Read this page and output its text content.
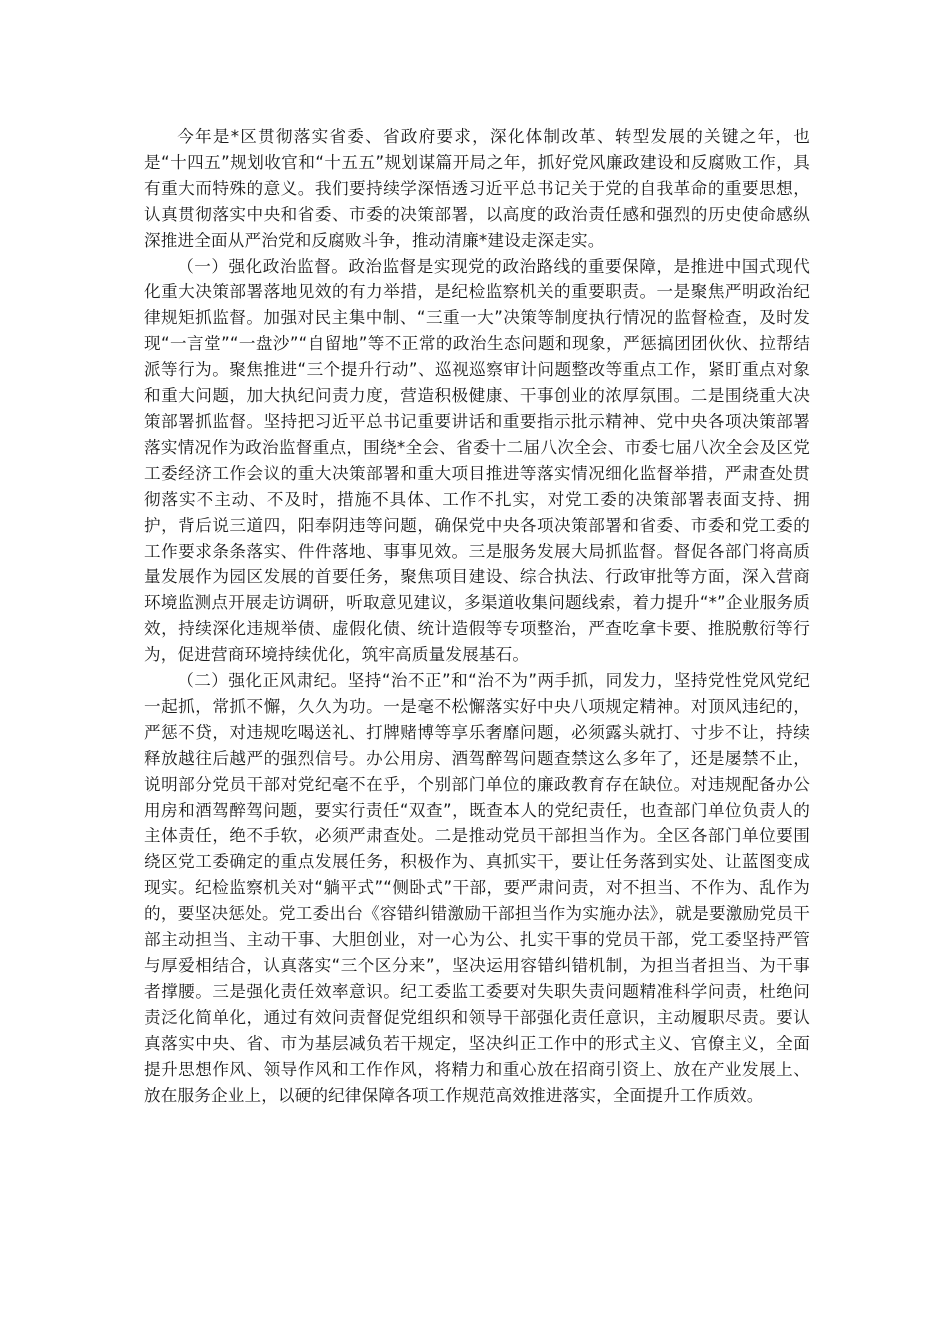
今年是*区贯彻落实省委、省政府要求，深化体制改革、转型发展的关键之年，也是“十四五”规划收官和“十五五”规划谋篇开局之年，抓好党风廉政建设和反腐败工作，具有重大而特殊的意义。我们要持续学深悟透习近平总书记关于党的自我革命的重要思想，认真贯彻落实中央和省委、市委的决策部署，以高度的政治责任感和强烈的历史使命感纵深推进全面从严治党和反腐败斗争，推动清廉*建设走深走实。

（一）强化政治监督。政治监督是实现党的政治路线的重要保障，是推进中国式现代化重大决策部署落地见效的有力举措，是纪检监察机关的重要职责。一是聚焦严明政治纪律规矩抓监督。加强对民主集中制、“三重一大”决策等制度执行情况的监督检查，及时发现“一言堂”“一盘沙”“自留地”等不正常的政治生态问题和现象，严惩搞团团伙伙、拉帮结派等行为。聚焦推进“三个提升行动”、巡视巡察审计问题整改等重点工作，紧盯重点对象和重大问题，加大执纪问责力度，营造积极健康、干事创业的浓厚氛围。二是围绕重大决策部署抓监督。坚持把习近平总书记重要讲话和重要指示批示精神、党中央各项决策部署落实情况作为政治监督重点，围绕*全会、省委十二届八次全会、市委七届八次全会及区党工委经济工作会议的重大决策部署和重大项目推进等落实情况细化监督举措，严肃查处贯彻落实不主动、不及时，措施不具体、工作不扎实，对党工委的决策部署表面支持、拥护，背后说三道四，阳奉阴违等问题，确保党中央各项决策部署和省委、市委和党工委的工作要求条条落实、件件落地、事事见效。三是服务发展大局抓监督。督促各部门将高质量发展作为园区发展的首要任务，聚焦项目建设、综合执法、行政审批等方面，深入营商环境监测点开展走访调研，听取意见建议，多渠道收集问题线索，着力提升“*”企业服务质效，持续深化违规举债、虚假化债、统计造假等专项整治，严查吃拿卡要、推脱敷衍等行为，促进营商环境持续优化，筑牢高质量发展基石。

（二）强化正风肃纪。坚持“治不正”和“治不为”两手抓，同发力，坚持党性党风党纪一起抓，常抓不懈，久久为功。一是毫不松懈落实好中央八项规定精神。对顶风违纪的，严惩不贷，对违规吃喝送礼、打牌赌博等享乐奢靡问题，必须露头就打、寸步不让，持续释放越往后越严的强烈信号。办公用房、酒驾醉驾问题查禁这么多年了，还是屡禁不止，说明部分党员干部对党纪毫不在乎，个别部门单位的廉政教育存在缺位。对违规配备办公用房和酒驾醉驾问题，要实行责任“双查”，既查本人的党纪责任，也查部门单位负责人的主体责任，绝不手软，必须严肃查处。二是推动党员干部担当作为。全区各部门单位要围绕区党工委确定的重点发展任务，积极作为、真抓实干，要让任务落到实处、让蓝图变成现实。纪检监察机关对“躺平式”“侧卧式”干部，要严肃问责，对不担当、不作为、乱作为的，要坚决惩处。党工委出台《容错纠错激励干部担当作为实施办法》，就是要激励党员干部主动担当、主动干事、大胆创业，对一心为公、扎实干事的党员干部，党工委坚持严管与厚爱相结合，认真落实“三个区分来”，坚决运用容错纠错机制，为担当者担当、为干事者撑腰。三是强化责任效率意识。纪工委监工委要对失职失责问题精准科学问责，杜绝问责泛化简单化，通过有效问责督促党组织和领导干部强化责任意识，主动履职尽责。要认真落实中央、省、市为基层减负若干规定，坚决纠正工作中的形式主义、官僚主义，全面提升思想作风、领导作风和工作作风，将精力和重心放在招商引资上、放在产业发展上、放在服务企业上，以硬的纪律保障各项工作规范高效推进落实，全面提升工作质效。
